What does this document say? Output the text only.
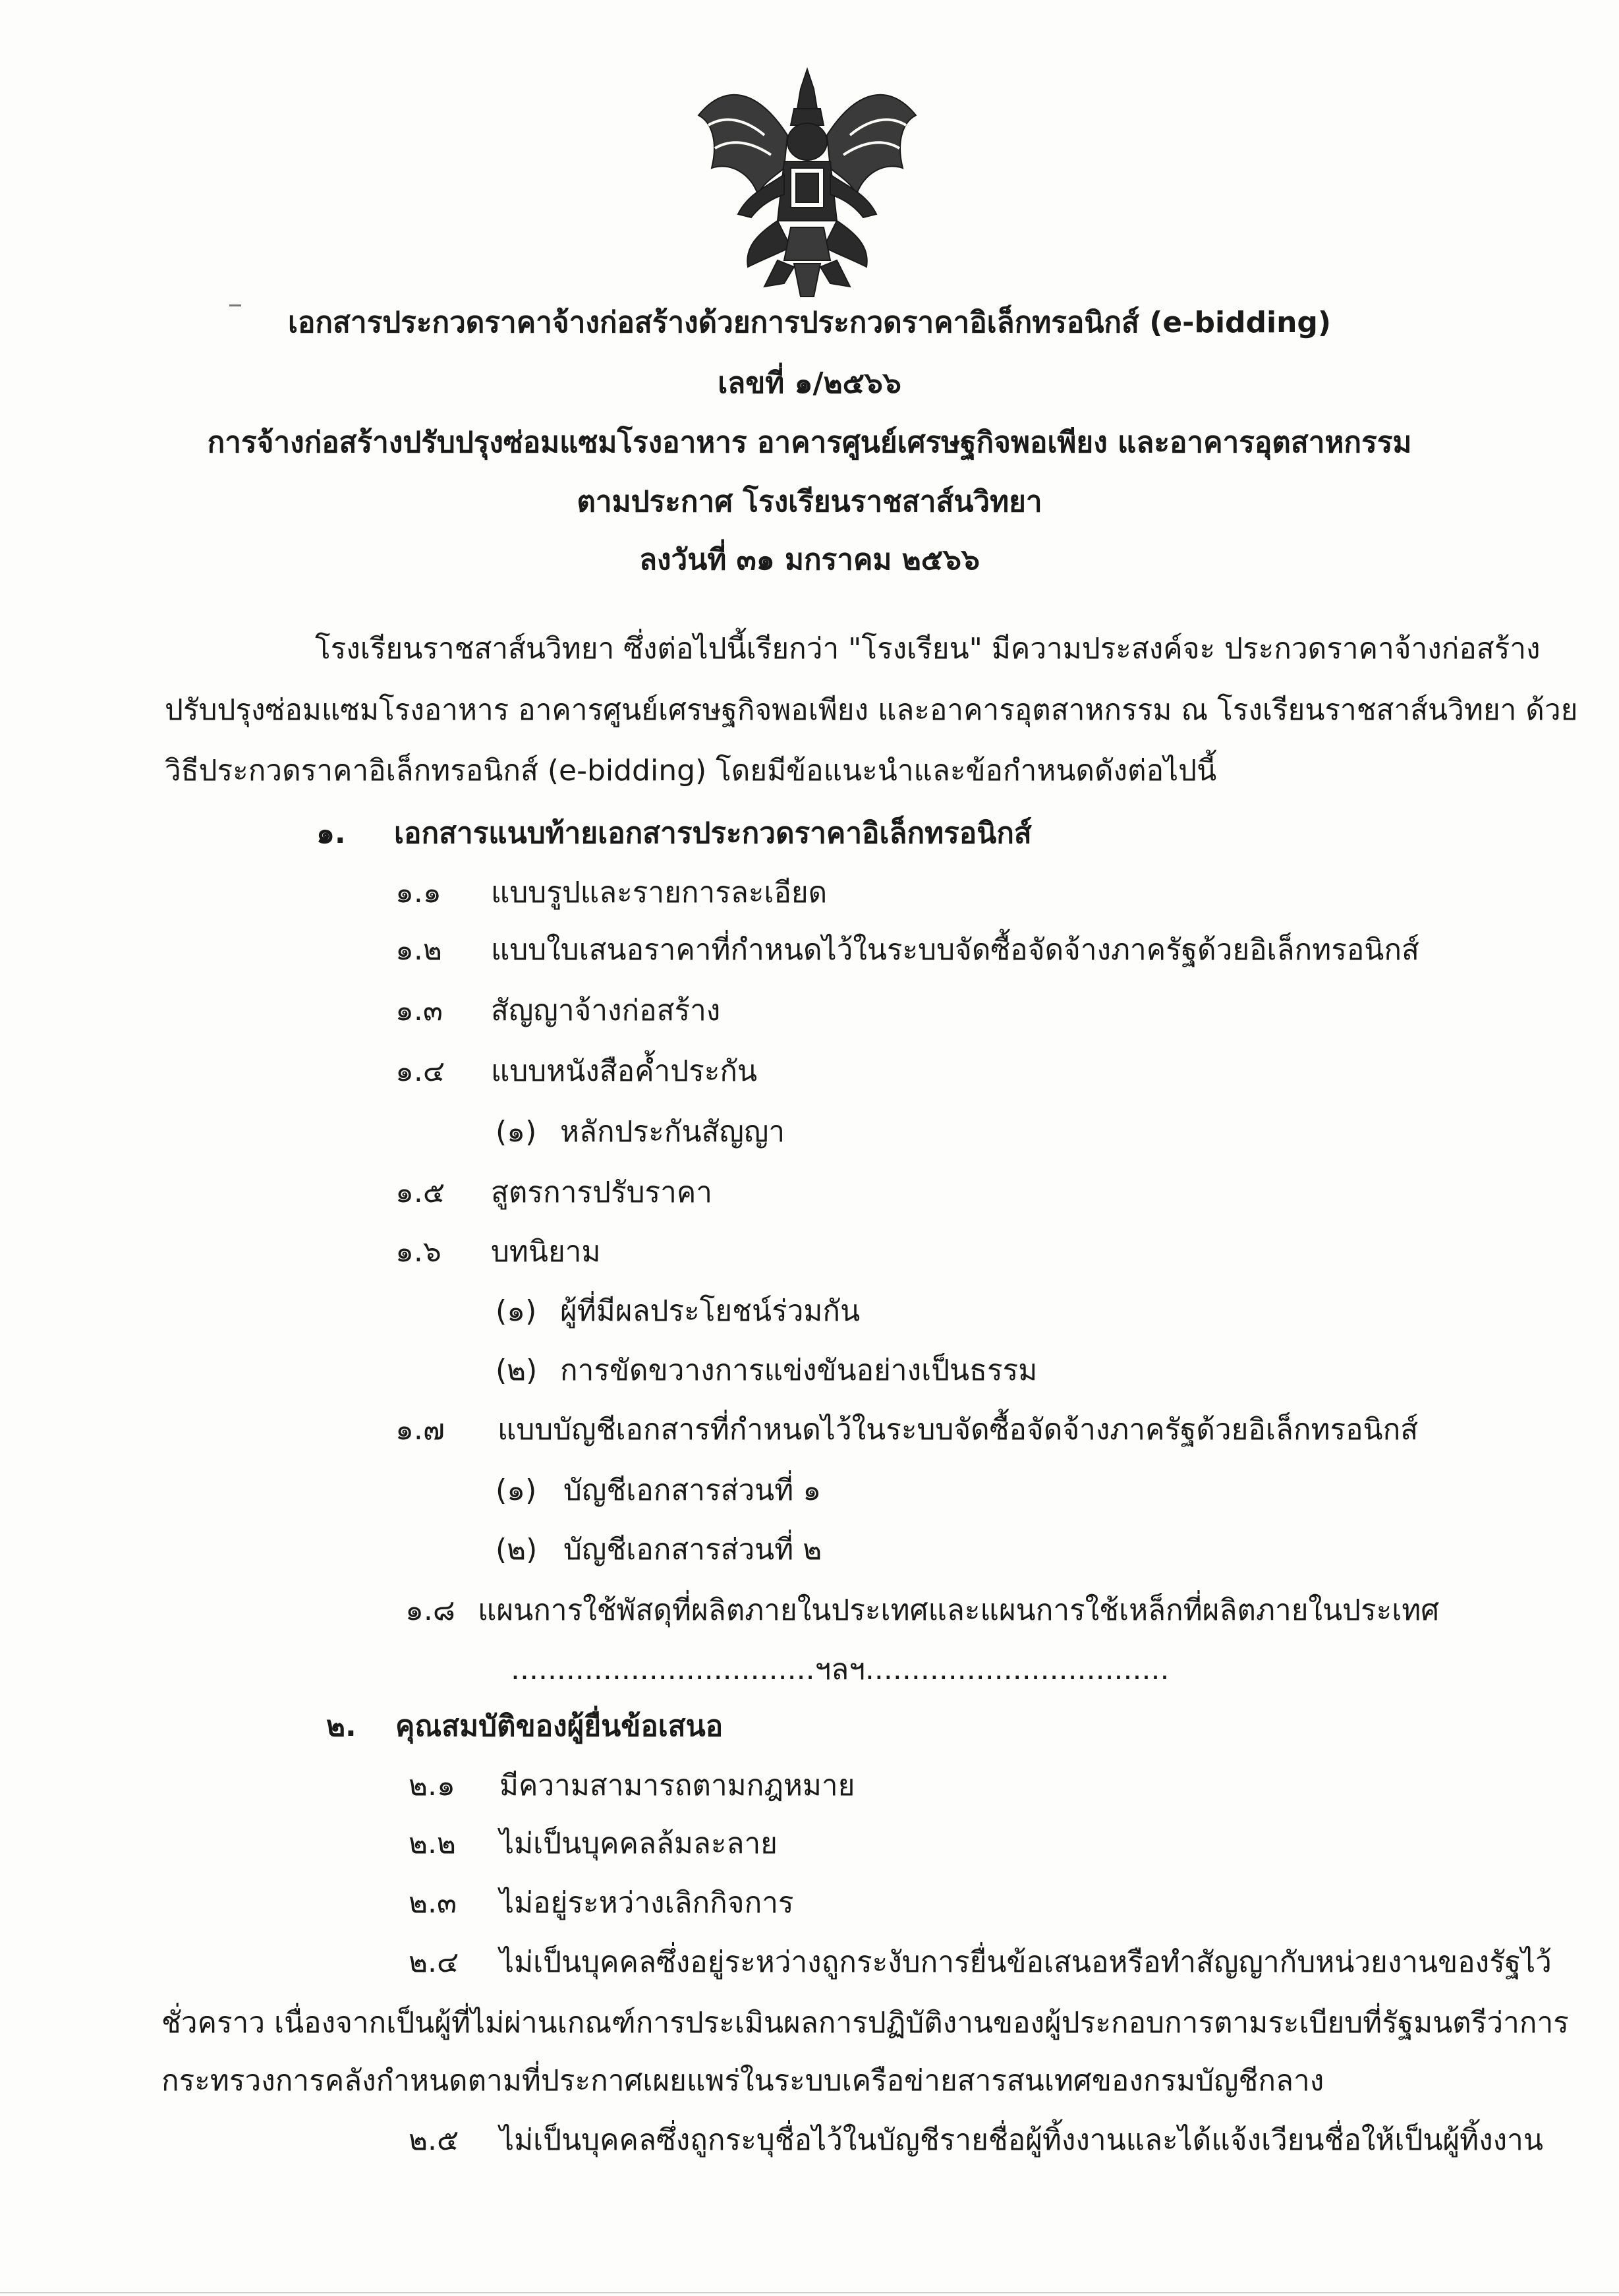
เอกสารประกวดราคาจ้างก่อสร้างด้วยการประกวดราคาอิเล็กทรอนิกส์ (e-bidding)
เลขที่ ๑/๒๕๖๖
การจ้างก่อสร้างปรับปรุงซ่อมแซมโรงอาหาร อาคารศูนย์เศรษฐกิจพอเพียง และอาคารอุตสาหกรรม
ตามประกาศ โรงเรียนราชสาส์นวิทยา
ลงวันที่ ๓๑ มกราคม ๒๕๖๖
โรงเรียนราชสาส์นวิทยา ซึ่งต่อไปนี้เรียกว่า "โรงเรียน" มีความประสงค์จะ ประกวดราคาจ้างก่อสร้าง
ปรับปรุงซ่อมแซมโรงอาหาร อาคารศูนย์เศรษฐกิจพอเพียง และอาคารอุตสาหกรรม ณ โรงเรียนราชสาส์นวิทยา ด้วย
วิธีประกวดราคาอิเล็กทรอนิกส์ (e-bidding) โดยมีข้อแนะนำและข้อกำหนดดังต่อไปนี้
๑. เอกสารแนบท้ายเอกสารประกวดราคาอิเล็กทรอนิกส์
๑.๑ แบบรูปและรายการละเอียด
๑.๒ แบบใบเสนอราคาที่กำหนดไว้ในระบบจัดซื้อจัดจ้างภาครัฐด้วยอิเล็กทรอนิกส์
๑.๓ สัญญาจ้างก่อสร้าง
๑.๔ แบบหนังสือค้ำประกัน
(๑) หลักประกันสัญญา
๑.๕ สูตรการปรับราคา
๑.๖ บทนิยาม
(๑) ผู้ที่มีผลประโยชน์ร่วมกัน
(๒) การขัดขวางการแข่งขันอย่างเป็นธรรม
๑.๗ แบบบัญชีเอกสารที่กำหนดไว้ในระบบจัดซื้อจัดจ้างภาครัฐด้วยอิเล็กทรอนิกส์
(๑) บัญชีเอกสารส่วนที่ ๑
(๒) บัญชีเอกสารส่วนที่ ๒
๑.๘ แผนการใช้พัสดุที่ผลิตภายในประเทศและแผนการใช้เหล็กที่ผลิตภายในประเทศ
.................................ฯลฯ.................................
๒. คุณสมบัติของผู้ยื่นข้อเสนอ
๒.๑ มีความสามารถตามกฎหมาย
๒.๒ ไม่เป็นบุคคลล้มละลาย
๒.๓ ไม่อยู่ระหว่างเลิกกิจการ
๒.๔ ไม่เป็นบุคคลซึ่งอยู่ระหว่างถูกระงับการยื่นข้อเสนอหรือทำสัญญากับหน่วยงานของรัฐไว้
ชั่วคราว เนื่องจากเป็นผู้ที่ไม่ผ่านเกณฑ์การประเมินผลการปฏิบัติงานของผู้ประกอบการตามระเบียบที่รัฐมนตรีว่าการ
กระทรวงการคลังกำหนดตามที่ประกาศเผยแพร่ในระบบเครือข่ายสารสนเทศของกรมบัญชีกลาง
๒.๕ ไม่เป็นบุคคลซึ่งถูกระบุชื่อไว้ในบัญชีรายชื่อผู้ทิ้งงานและได้แจ้งเวียนชื่อให้เป็นผู้ทิ้งงาน
